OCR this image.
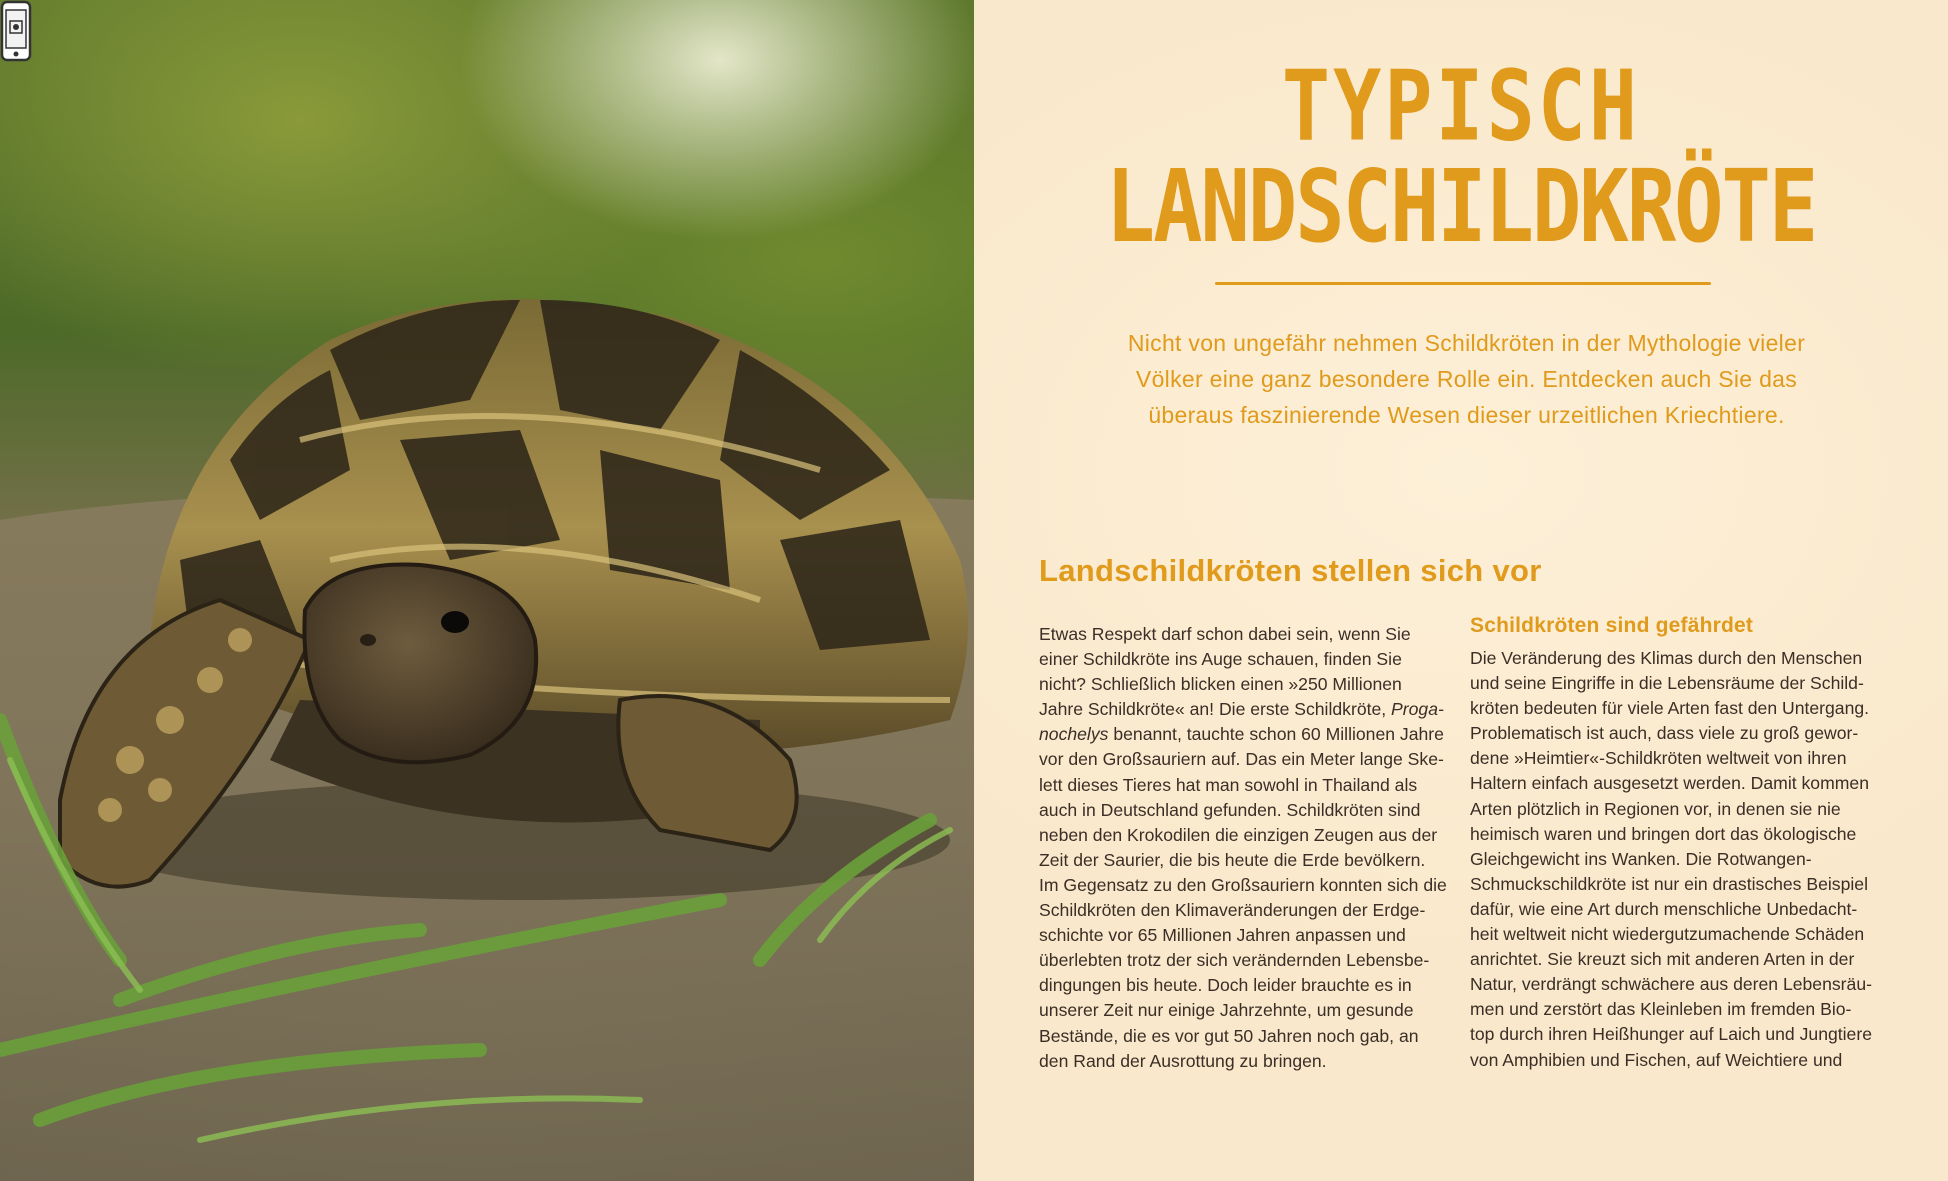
TYPISCH
LANDSCHILDKRÖTE
Nicht von ungefähr nehmen Schildkröten in der Mythologie vieler
Völker eine ganz besondere Rolle ein. Entdecken auch Sie das
überaus faszinierende Wesen dieser urzeitlichen Kriechtiere.
Landschildkröten stellen sich vor
Etwas Respekt darf schon dabei sein, wenn Sie
einer Schildkröte ins Auge schauen, finden Sie
nicht? Schließlich blicken einen »250 Millionen
Jahre Schildkröte« an! Die erste Schildkröte, Proga-
nochelys benannt, tauchte schon 60 Millionen Jahre
vor den Großsauriern auf. Das ein Meter lange Ske-
lett dieses Tieres hat man sowohl in Thailand als
auch in Deutschland gefunden. Schildkröten sind
neben den Krokodilen die einzigen Zeugen aus der
Zeit der Saurier, die bis heute die Erde bevölkern.
Im Gegensatz zu den Großsauriern konnten sich die
Schildkröten den Klimaveränderungen der Erdge-
schichte vor 65 Millionen Jahren anpassen und
überlebten trotz der sich verändernden Lebensbe-
dingungen bis heute. Doch leider brauchte es in
unserer Zeit nur einige Jahrzehnte, um gesunde
Bestände, die es vor gut 50 Jahren noch gab, an
den Rand der Ausrottung zu bringen.
Schildkröten sind gefährdet
Die Veränderung des Klimas durch den Menschen
und seine Eingriffe in die Lebensräume der Schild-
kröten bedeuten für viele Arten fast den Untergang.
Problematisch ist auch, dass viele zu groß gewor-
dene »Heimtier«-Schildkröten weltweit von ihren
Haltern einfach ausgesetzt werden. Damit kommen
Arten plötzlich in Regionen vor, in denen sie nie
heimisch waren und bringen dort das ökologische
Gleichgewicht ins Wanken. Die Rotwangen-
Schmuckschildkröte ist nur ein drastisches Beispiel
dafür, wie eine Art durch menschliche Unbedacht-
heit weltweit nicht wiedergutzumachende Schäden
anrichtet. Sie kreuzt sich mit anderen Arten in der
Natur, verdrängt schwächere aus deren Lebensräu-
men und zerstört das Kleinleben im fremden Bio-
top durch ihren Heißhunger auf Laich und Jungtiere
von Amphibien und Fischen, auf Weichtiere und
